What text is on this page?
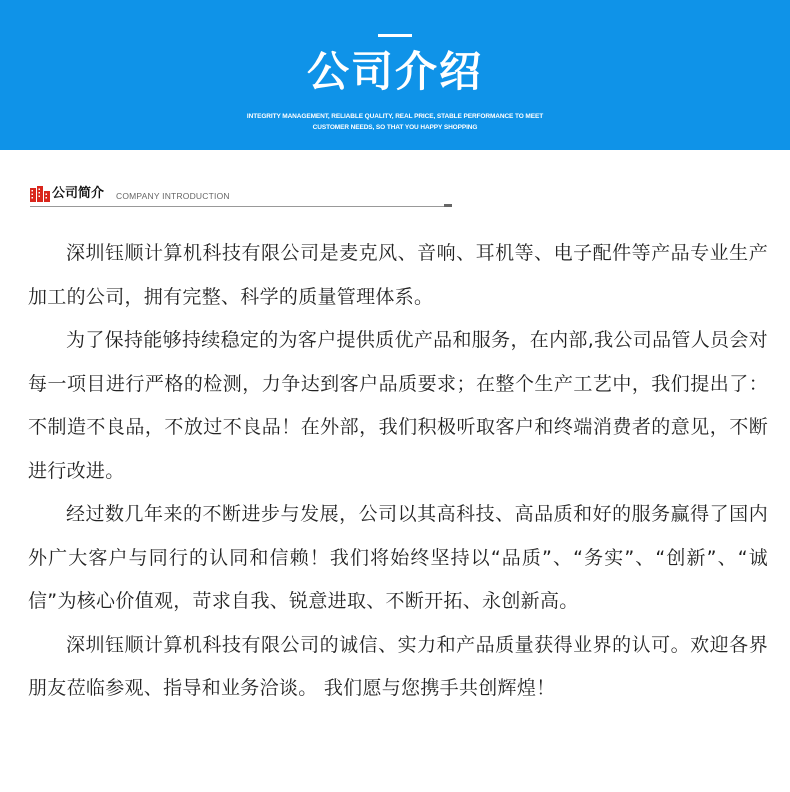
公司介绍
INTEGRITY MANAGEMENT, RELIABLE QUALITY, REAL PRICE, STABLE PERFORMANCE TO MEET
CUSTOMER NEEDS, SO THAT YOU HAPPY SHOPPING
公司简介 COMPANY INTRODUCTION

深圳钰顺计算机科技有限公司是麦克风、音响、耳机等、电子配件等产品专业生产加工的公司，拥有完整、科学的质量管理体系。

为了保持能够持续稳定的为客户提供质优产品和服务，在内部,我公司品管人员会对每一项目进行严格的检测，力争达到客户品质要求；在整个生产工艺中，我们提出了：不制造不良品，不放过不良品！在外部，我们积极听取客户和终端消费者的意见，不断进行改进。

经过数几年来的不断进步与发展，公司以其高科技、高品质和好的服务赢得了国内外广大客户与同行的认同和信赖！我们将始终坚持以“品质”、“务实”、“创新”、“诚信”为核心价值观，苛求自我、锐意进取、不断开拓、永创新高。

深圳钰顺计算机科技有限公司的诚信、实力和产品质量获得业界的认可。欢迎各界朋友莅临参观、指导和业务洽谈。 我们愿与您携手共创辉煌！
